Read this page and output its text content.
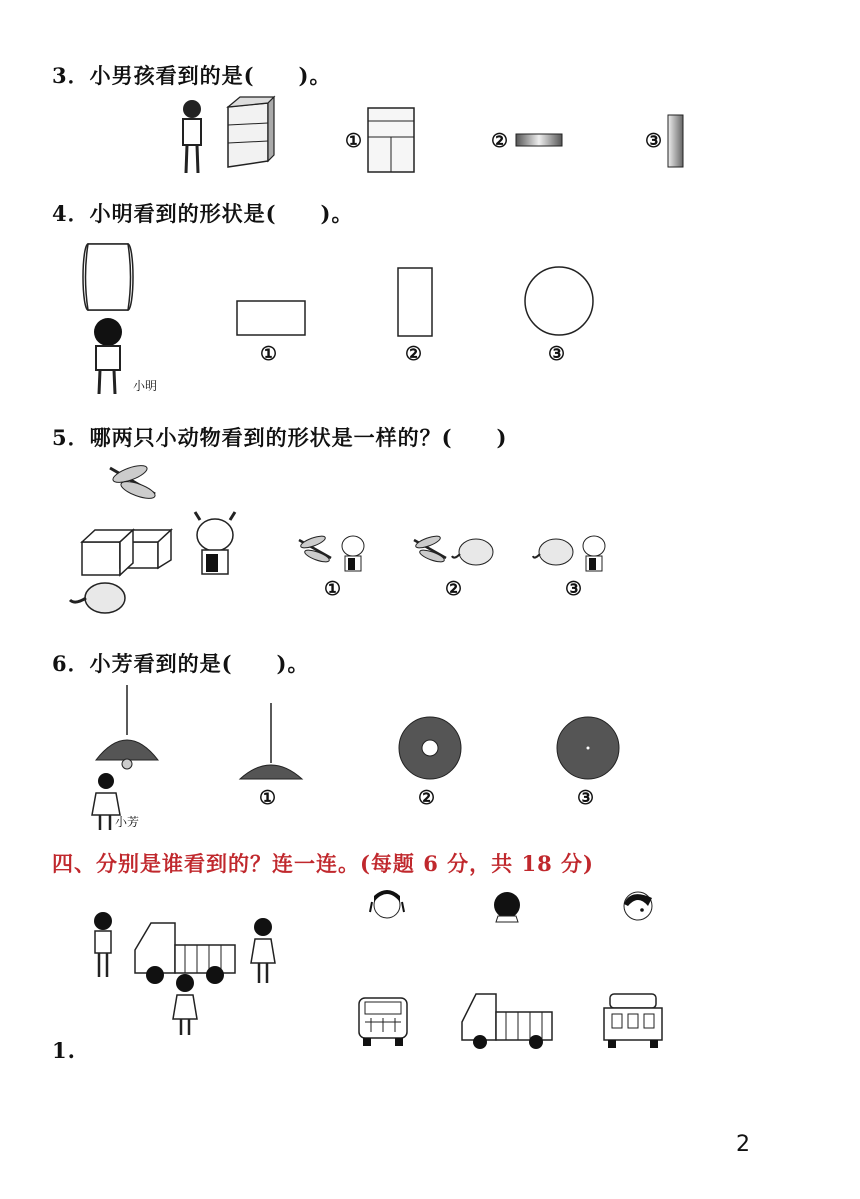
3．小男孩看到的是(　　)。
①	②	③
4．小明看到的形状是(　　)。
小明
①	②	③
5．哪两只小动物看到的形状是一样的？(　　)
①	②	③
6．小芳看到的是(　　)。
小芳
①	②	③
四、分别是谁看到的？连一连。(每题 6 分，共 18 分)
1.
2
